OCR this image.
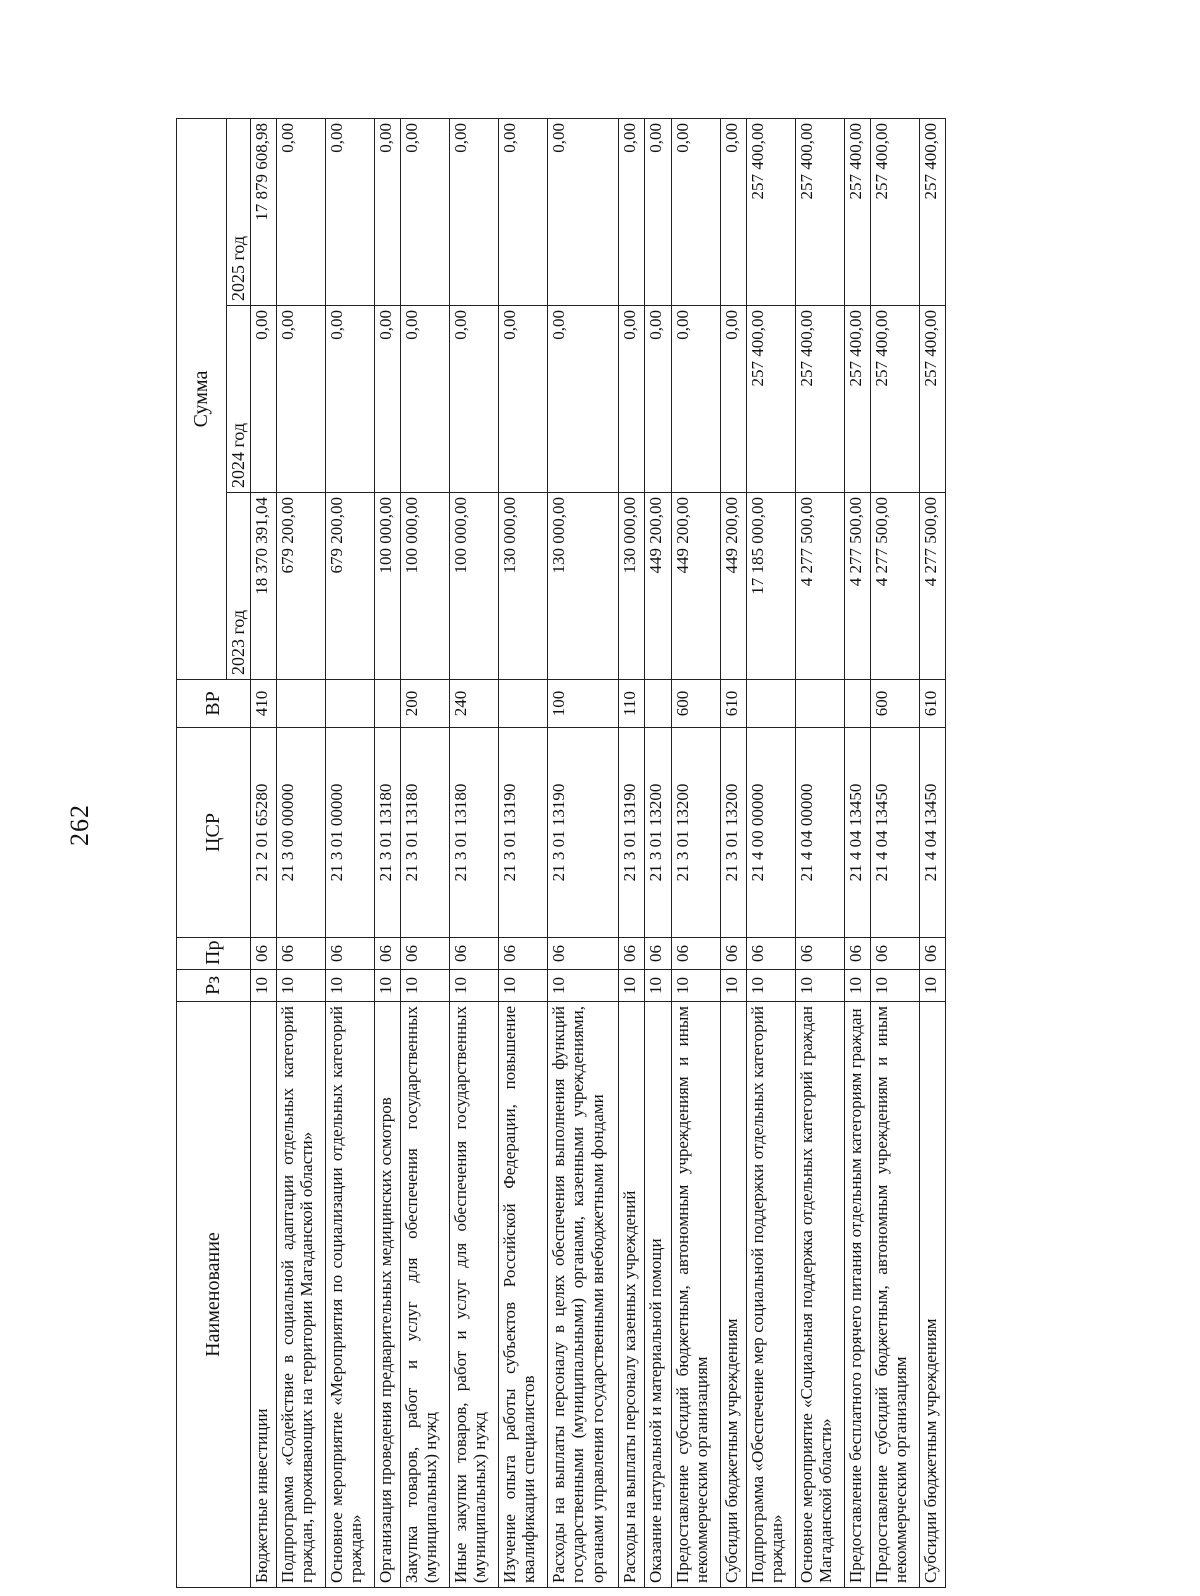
262
Наименование	Рз	Пр	ЦСР	ВР	Сумма		
					2023 год	2024 год	2025 год
Бюджетные инвестиции	10	06	21 2 01 65280	410	18 370 391,04	0,00	17 879 608,98
Подпрограмма «Содействие в социальной адаптации отдельных категорий граждан, проживающих на территории Магаданской области»	10	06	21 3 00 00000		679 200,00	0,00	0,00
Основное мероприятие «Мероприятия по социализации отдельных категорий граждан»	10	06	21 3 01 00000		679 200,00	0,00	0,00
Организация проведения предварительных медицинских осмотров	10	06	21 3 01 13180		100 000,00	0,00	0,00
Закупка товаров, работ и услуг для обеспечения государственных (муниципальных) нужд	10	06	21 3 01 13180	200	100 000,00	0,00	0,00
Иные закупки товаров, работ и услуг для обеспечения государственных (муниципальных) нужд	10	06	21 3 01 13180	240	100 000,00	0,00	0,00
Изучение опыта работы субъектов Российской Федерации, повышение квалификации специалистов	10	06	21 3 01 13190		130 000,00	0,00	0,00
Расходы на выплаты персоналу в целях обеспечения выполнения функций государственными (муниципальными) органами, казенными учреждениями, органами управления государственными внебюджетными фондами	10	06	21 3 01 13190	100	130 000,00	0,00	0,00
Расходы на выплаты персоналу казенных учреждений	10	06	21 3 01 13190	110	130 000,00	0,00	0,00
Оказание натуральной и материальной помощи	10	06	21 3 01 13200		449 200,00	0,00	0,00
Предоставление субсидий бюджетным, автономным учреждениям и иным некоммерческим организациям	10	06	21 3 01 13200	600	449 200,00	0,00	0,00
Субсидии бюджетным учреждениям	10	06	21 3 01 13200	610	449 200,00	0,00	0,00
Подпрограмма «Обеспечение мер социальной поддержки отдельных категорий граждан»	10	06	21 4 00 00000		17 185 000,00	257 400,00	257 400,00
Основное мероприятие «Социальная поддержка отдельных категорий граждан Магаданской области»	10	06	21 4 04 00000		4 277 500,00	257 400,00	257 400,00
Предоставление бесплатного горячего питания отдельным категориям граждан	10	06	21 4 04 13450		4 277 500,00	257 400,00	257 400,00
Предоставление субсидий бюджетным, автономным учреждениям и иным некоммерческим организациям	10	06	21 4 04 13450	600	4 277 500,00	257 400,00	257 400,00
Субсидии бюджетным учреждениям	10	06	21 4 04 13450	610	4 277 500,00	257 400,00	257 400,00
